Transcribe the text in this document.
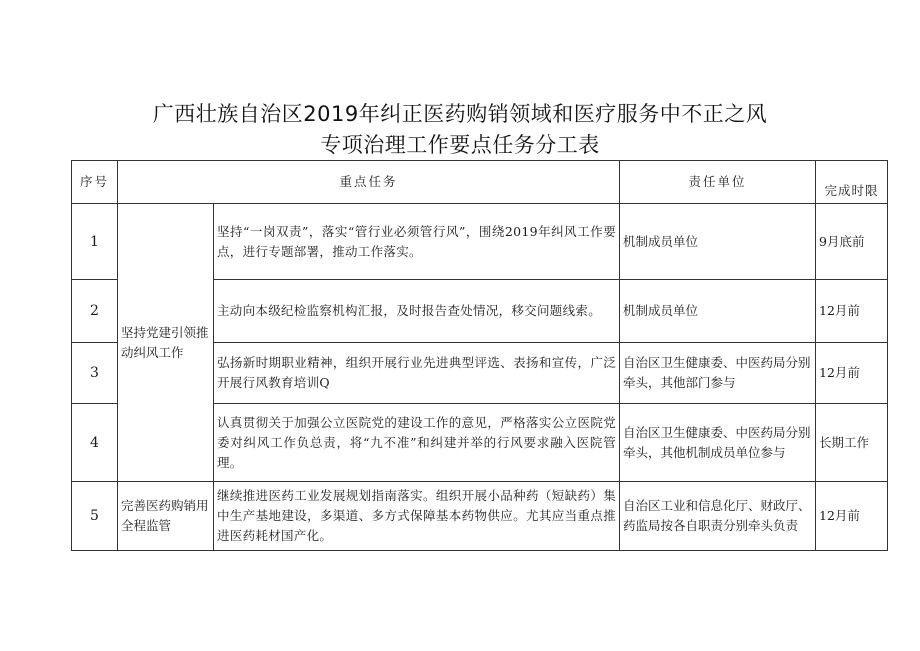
广西壮族自治区2019年纠正医药购销领域和医疗服务中不正之风
专项治理工作要点任务分工表
序号	重点任务		责任单位	完成时限
1	坚持党建引领推动纠风工作	坚持“一岗双责”，落实“管行业必须管行风”，围绕2019年纠风工作要点，进行专题部署，推动工作落实。	机制成员单位	9月底前
2		主动向本级纪检监察机构汇报，及时报告查处情况，移交问题线索。	机制成员单位	12月前
3		弘扬新时期职业精神，组织开展行业先进典型评选、表扬和宣传，广泛开展行风教育培训Q	自治区卫生健康委、中医药局分别牵头，其他部门参与	12月前
4		认真贯彻关于加强公立医院党的建设工作的意见，严格落实公立医院党委对纠风工作负总责，将“九不准”和纠建并举的行风要求融入医院管理。	自治区卫生健康委、中医药局分别牵头，其他机制成员单位参与	长期工作
5	完善医药购销用全程监管	继续推进医药工业发展规划指南落实。组织开展小品种药（短缺药）集中生产基地建设，多渠道、多方式保障基本药物供应。尤其应当重点推进医药耗材国产化。	自治区工业和信息化厅、财政厅、药监局按各自职责分别牵头负责	12月前
